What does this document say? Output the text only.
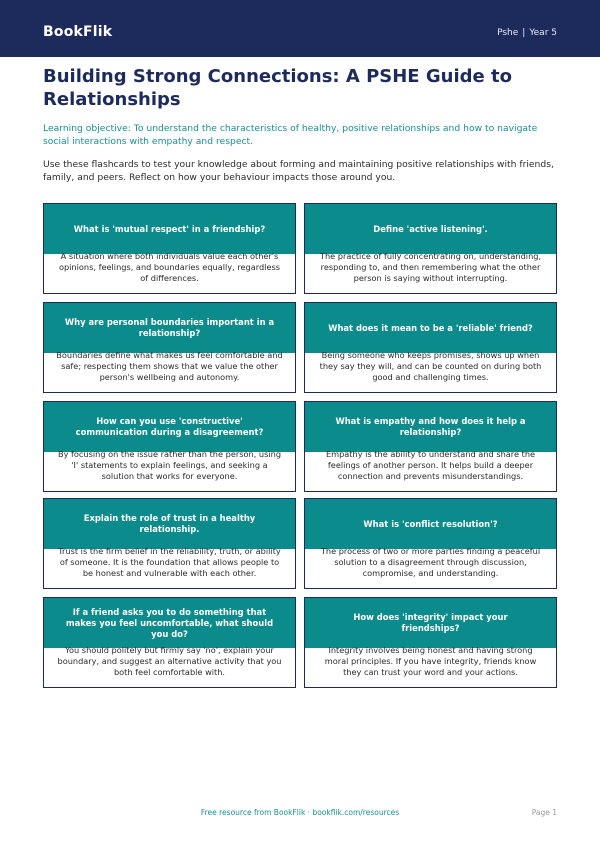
BookFlik	Pshe | Year 5
Building Strong Connections: A PSHE Guide to Relationships

Learning objective: To understand the characteristics of healthy, positive relationships and how to navigate social interactions with empathy and respect.

Use these flashcards to test your knowledge about forming and maintaining positive relationships with friends, family, and peers. Reflect on how your behaviour impacts those around you.

What is 'mutual respect' in a friendship?
A situation where both individuals value each other's opinions, feelings, and boundaries equally, regardless of differences.
Define 'active listening'.
The practice of fully concentrating on, understanding, responding to, and then remembering what the other person is saying without interrupting.
Why are personal boundaries important in a relationship?
Boundaries define what makes us feel comfortable and safe; respecting them shows that we value the other person's wellbeing and autonomy.
What does it mean to be a 'reliable' friend?
Being someone who keeps promises, shows up when they say they will, and can be counted on during both good and challenging times.
How can you use 'constructive' communication during a disagreement?
By focusing on the issue rather than the person, using 'I' statements to explain feelings, and seeking a solution that works for everyone.
What is empathy and how does it help a relationship?
Empathy is the ability to understand and share the feelings of another person. It helps build a deeper connection and prevents misunderstandings.
Explain the role of trust in a healthy relationship.
Trust is the firm belief in the reliability, truth, or ability of someone. It is the foundation that allows people to be honest and vulnerable with each other.
What is 'conflict resolution'?
The process of two or more parties finding a peaceful solution to a disagreement through discussion, compromise, and understanding.
If a friend asks you to do something that makes you feel uncomfortable, what should you do?
You should politely but firmly say 'no', explain your boundary, and suggest an alternative activity that you both feel comfortable with.
How does 'integrity' impact your friendships?
Integrity involves being honest and having strong moral principles. If you have integrity, friends know they can trust your word and your actions.
Free resource from BookFlik · bookflik.com/resources	Page 1
